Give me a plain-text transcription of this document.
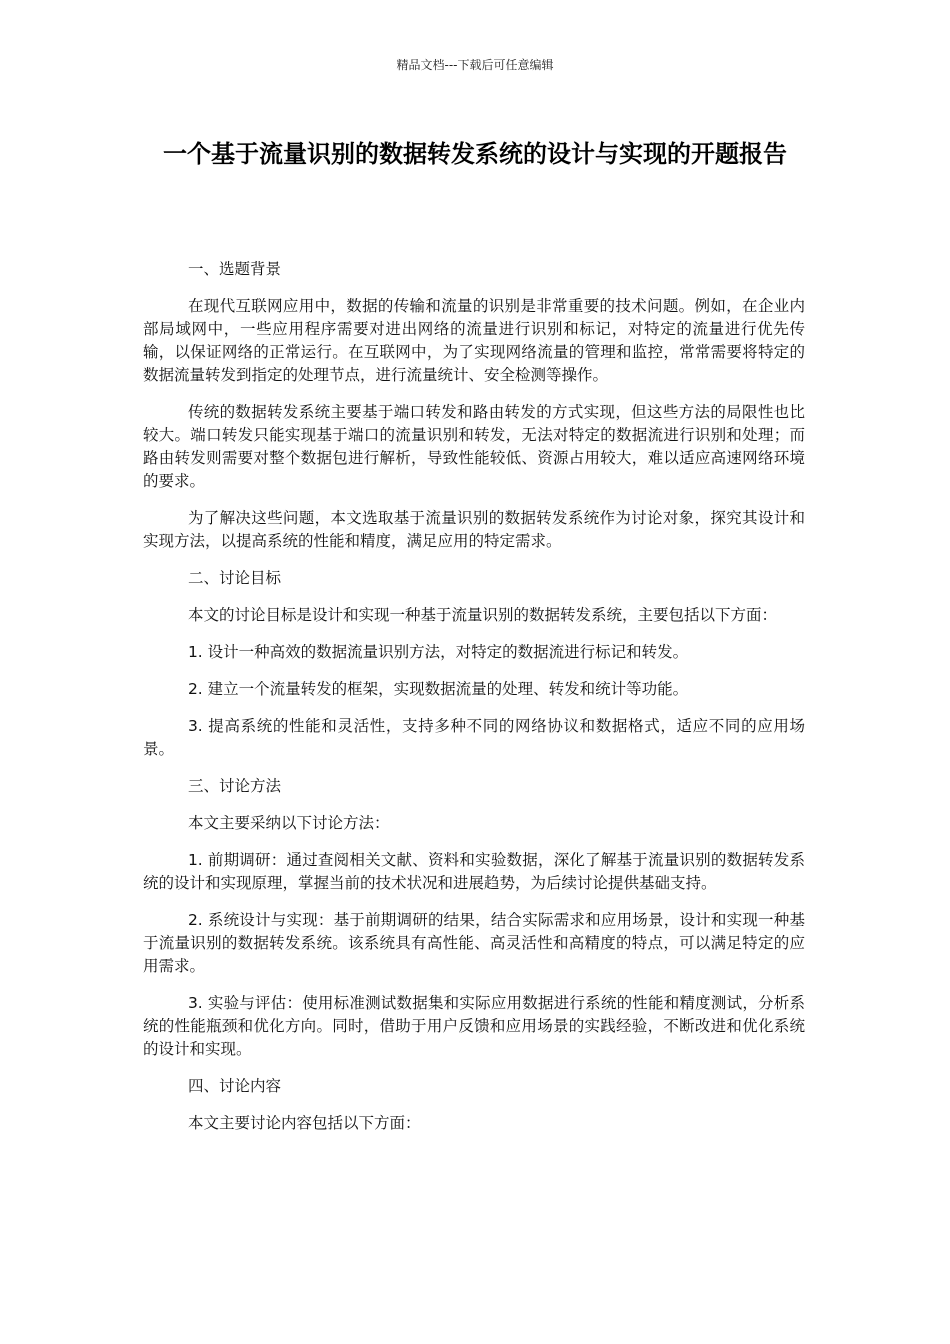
精品文档---下载后可任意编辑
一个基于流量识别的数据转发系统的设计与实现的开题报告

一、选题背景

在现代互联网应用中，数据的传输和流量的识别是非常重要的技术问题。例如，在企业内部局域网中，一些应用程序需要对进出网络的流量进行识别和标记，对特定的流量进行优先传输，以保证网络的正常运行。在互联网中，为了实现网络流量的管理和监控，常常需要将特定的数据流量转发到指定的处理节点，进行流量统计、安全检测等操作。

传统的数据转发系统主要基于端口转发和路由转发的方式实现，但这些方法的局限性也比较大。端口转发只能实现基于端口的流量识别和转发，无法对特定的数据流进行识别和处理；而路由转发则需要对整个数据包进行解析，导致性能较低、资源占用较大，难以适应高速网络环境的要求。

为了解决这些问题，本文选取基于流量识别的数据转发系统作为讨论对象，探究其设计和实现方法，以提高系统的性能和精度，满足应用的特定需求。

二、讨论目标

本文的讨论目标是设计和实现一种基于流量识别的数据转发系统，主要包括以下方面：

1. 设计一种高效的数据流量识别方法，对特定的数据流进行标记和转发。

2. 建立一个流量转发的框架，实现数据流量的处理、转发和统计等功能。

3. 提高系统的性能和灵活性，支持多种不同的网络协议和数据格式，适应不同的应用场景。

三、讨论方法

本文主要采纳以下讨论方法：

1. 前期调研：通过查阅相关文献、资料和实验数据，深化了解基于流量识别的数据转发系统的设计和实现原理，掌握当前的技术状况和进展趋势，为后续讨论提供基础支持。

2. 系统设计与实现：基于前期调研的结果，结合实际需求和应用场景，设计和实现一种基于流量识别的数据转发系统。该系统具有高性能、高灵活性和高精度的特点，可以满足特定的应用需求。

3. 实验与评估：使用标准测试数据集和实际应用数据进行系统的性能和精度测试，分析系统的性能瓶颈和优化方向。同时，借助于用户反馈和应用场景的实践经验，不断改进和优化系统的设计和实现。

四、讨论内容

本文主要讨论内容包括以下方面：
